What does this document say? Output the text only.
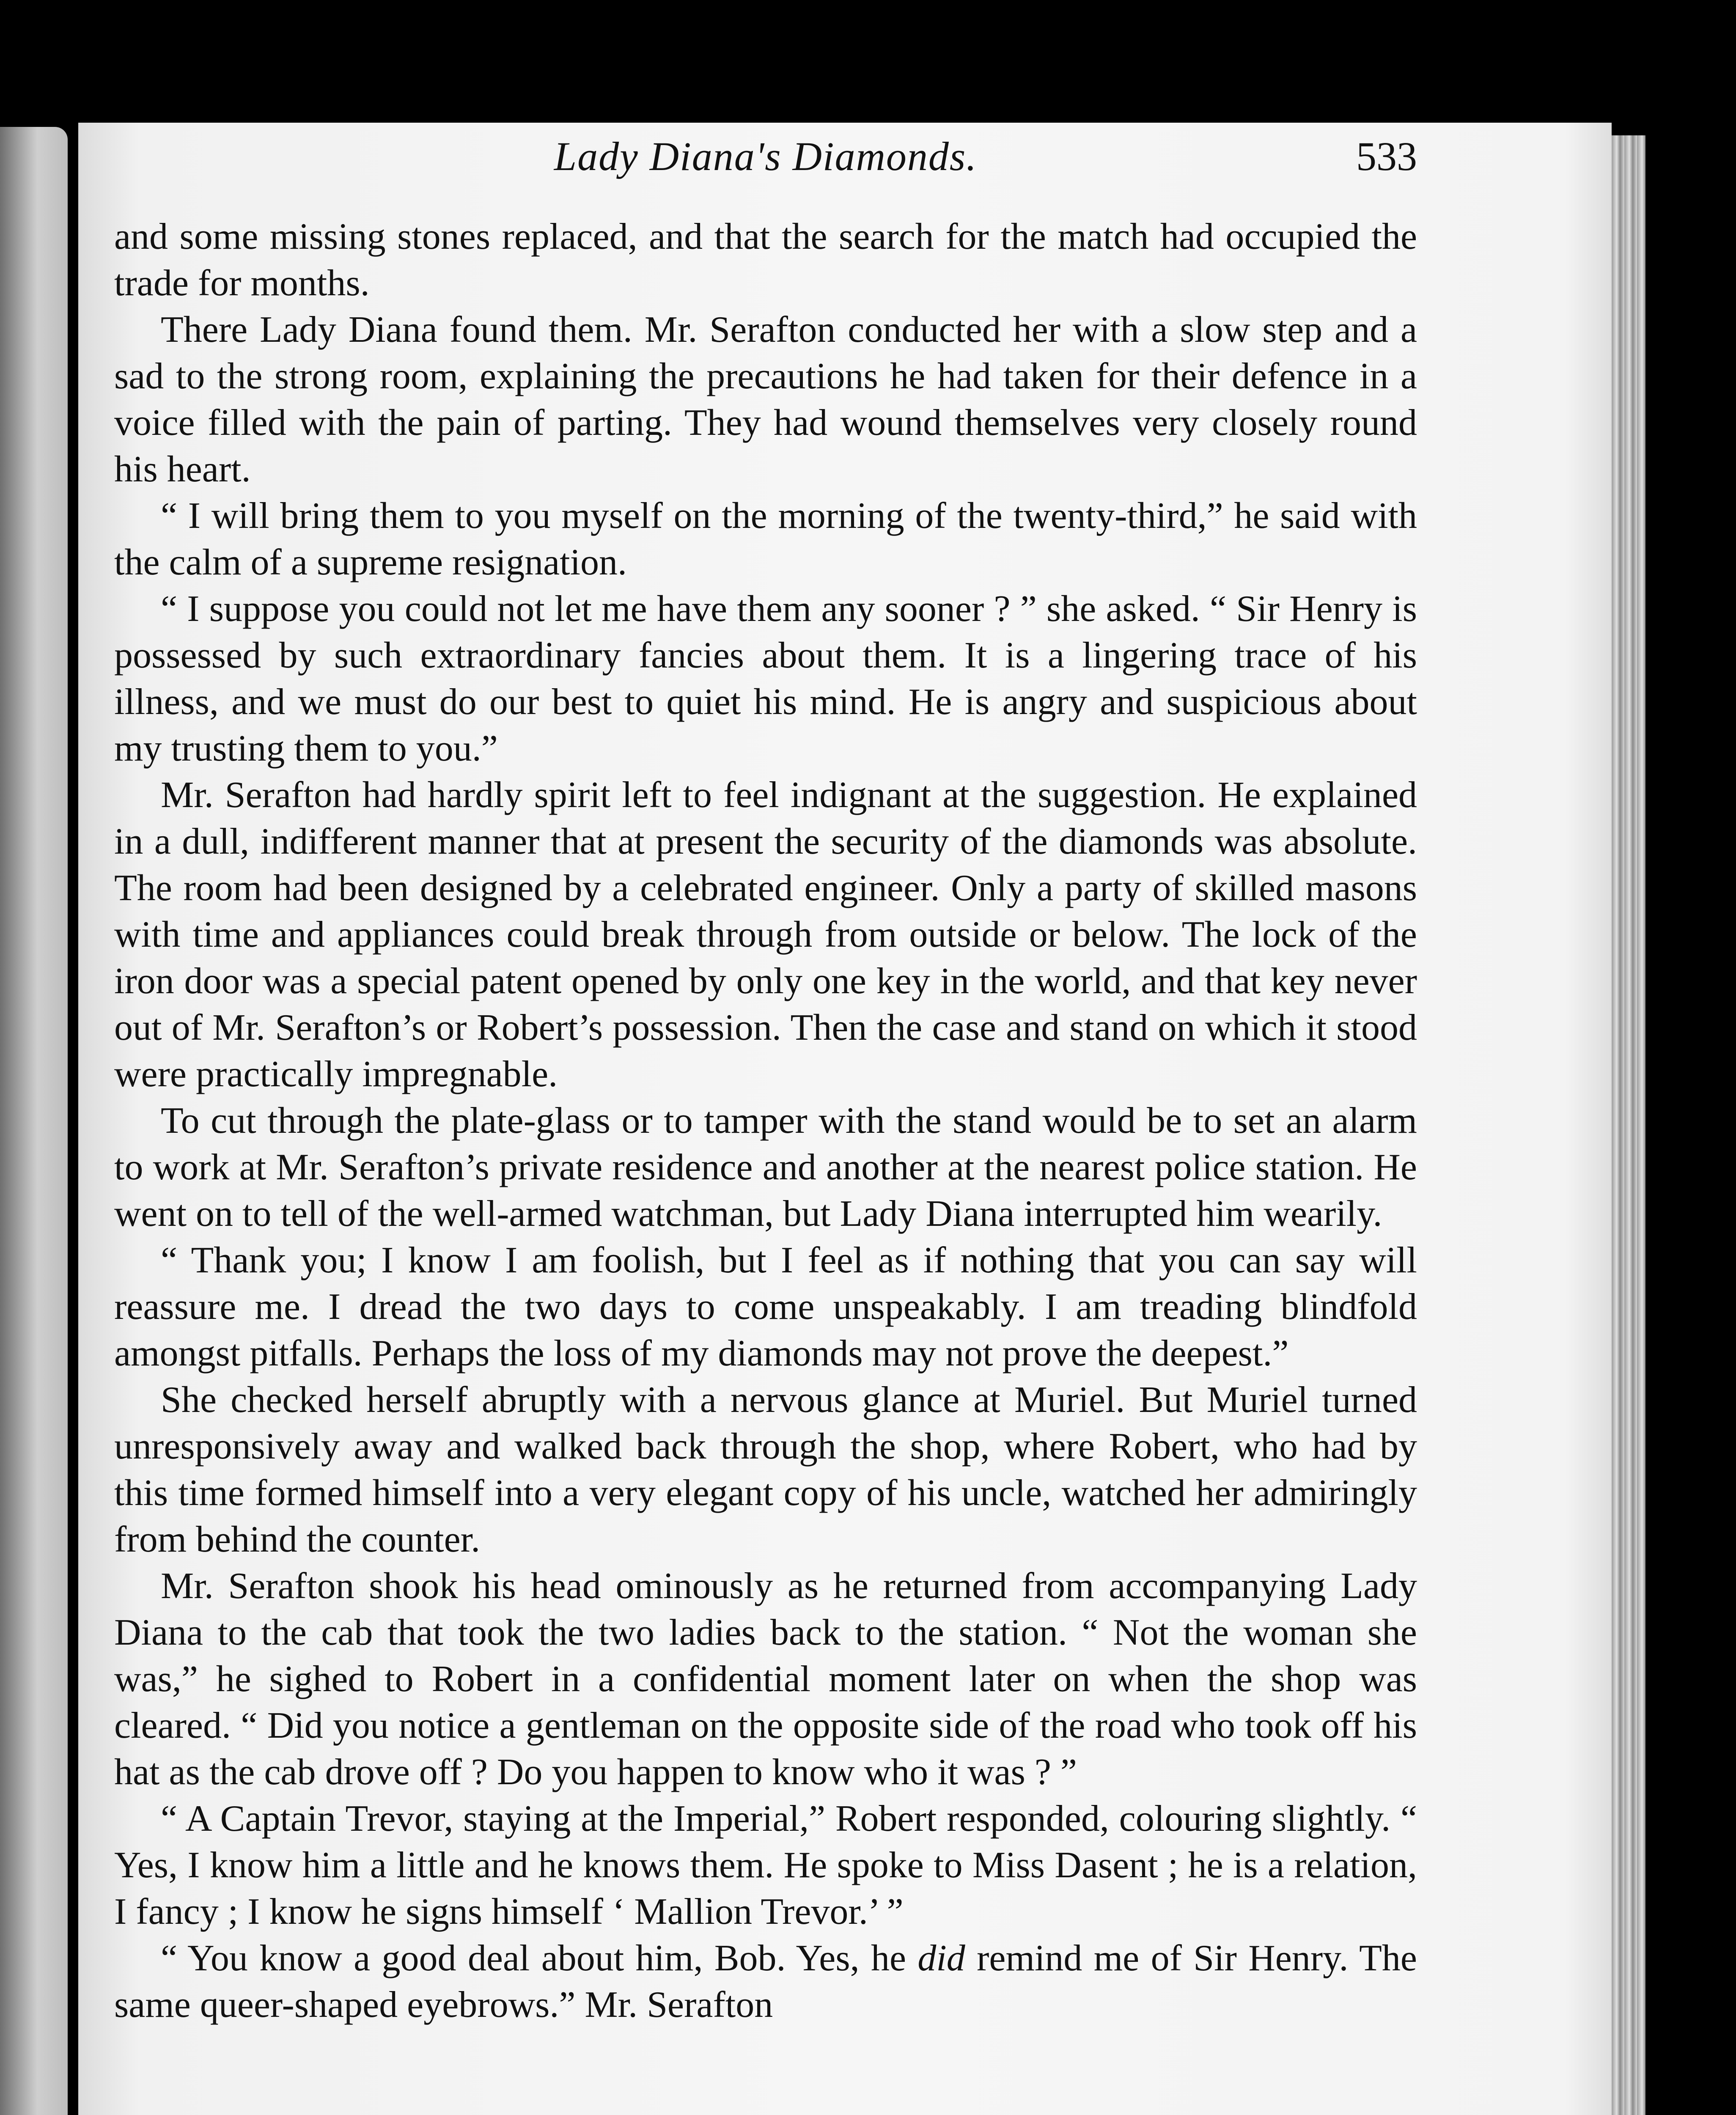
Lady Diana's Diamonds.	533

and some missing stones replaced, and that the search for the match had occupied the trade for months.

There Lady Diana found them. Mr. Serafton conducted her with a slow step and a sad to the strong room, explaining the precautions he had taken for their defence in a voice filled with the pain of parting. They had wound themselves very closely round his heart.

“ I will bring them to you myself on the morning of the twenty-third,” he said with the calm of a supreme resignation.

“ I suppose you could not let me have them any sooner ? ” she asked. “ Sir Henry is possessed by such extraordinary fancies about them. It is a lingering trace of his illness, and we must do our best to quiet his mind. He is angry and suspicious about my trusting them to you.”

Mr. Serafton had hardly spirit left to feel indignant at the suggestion. He explained in a dull, indifferent manner that at present the security of the diamonds was absolute. The room had been designed by a celebrated engineer. Only a party of skilled masons with time and appliances could break through from outside or below. The lock of the iron door was a special patent opened by only one key in the world, and that key never out of Mr. Serafton’s or Robert’s possession. Then the case and stand on which it stood were practically impregnable.

To cut through the plate-glass or to tamper with the stand would be to set an alarm to work at Mr. Serafton’s private residence and another at the nearest police station. He went on to tell of the well-armed watchman, but Lady Diana interrupted him wearily.

“ Thank you; I know I am foolish, but I feel as if nothing that you can say will reassure me. I dread the two days to come unspeakably. I am treading blindfold amongst pitfalls. Perhaps the loss of my diamonds may not prove the deepest.”

She checked herself abruptly with a nervous glance at Muriel. But Muriel turned unresponsively away and walked back through the shop, where Robert, who had by this time formed himself into a very elegant copy of his uncle, watched her admiringly from behind the counter.

Mr. Serafton shook his head ominously as he returned from accompanying Lady Diana to the cab that took the two ladies back to the station. “ Not the woman she was,” he sighed to Robert in a confidential moment later on when the shop was cleared. “ Did you notice a gentleman on the opposite side of the road who took off his hat as the cab drove off ? Do you happen to know who it was ? ”

“ A Captain Trevor, staying at the Imperial,” Robert responded, colouring slightly. “ Yes, I know him a little and he knows them. He spoke to Miss Dasent ; he is a relation, I fancy ; I know he signs himself ‘ Mallion Trevor.’ ”

“ You know a good deal about him, Bob. Yes, he did remind me of Sir Henry. The same queer-shaped eyebrows.” Mr. Serafton
